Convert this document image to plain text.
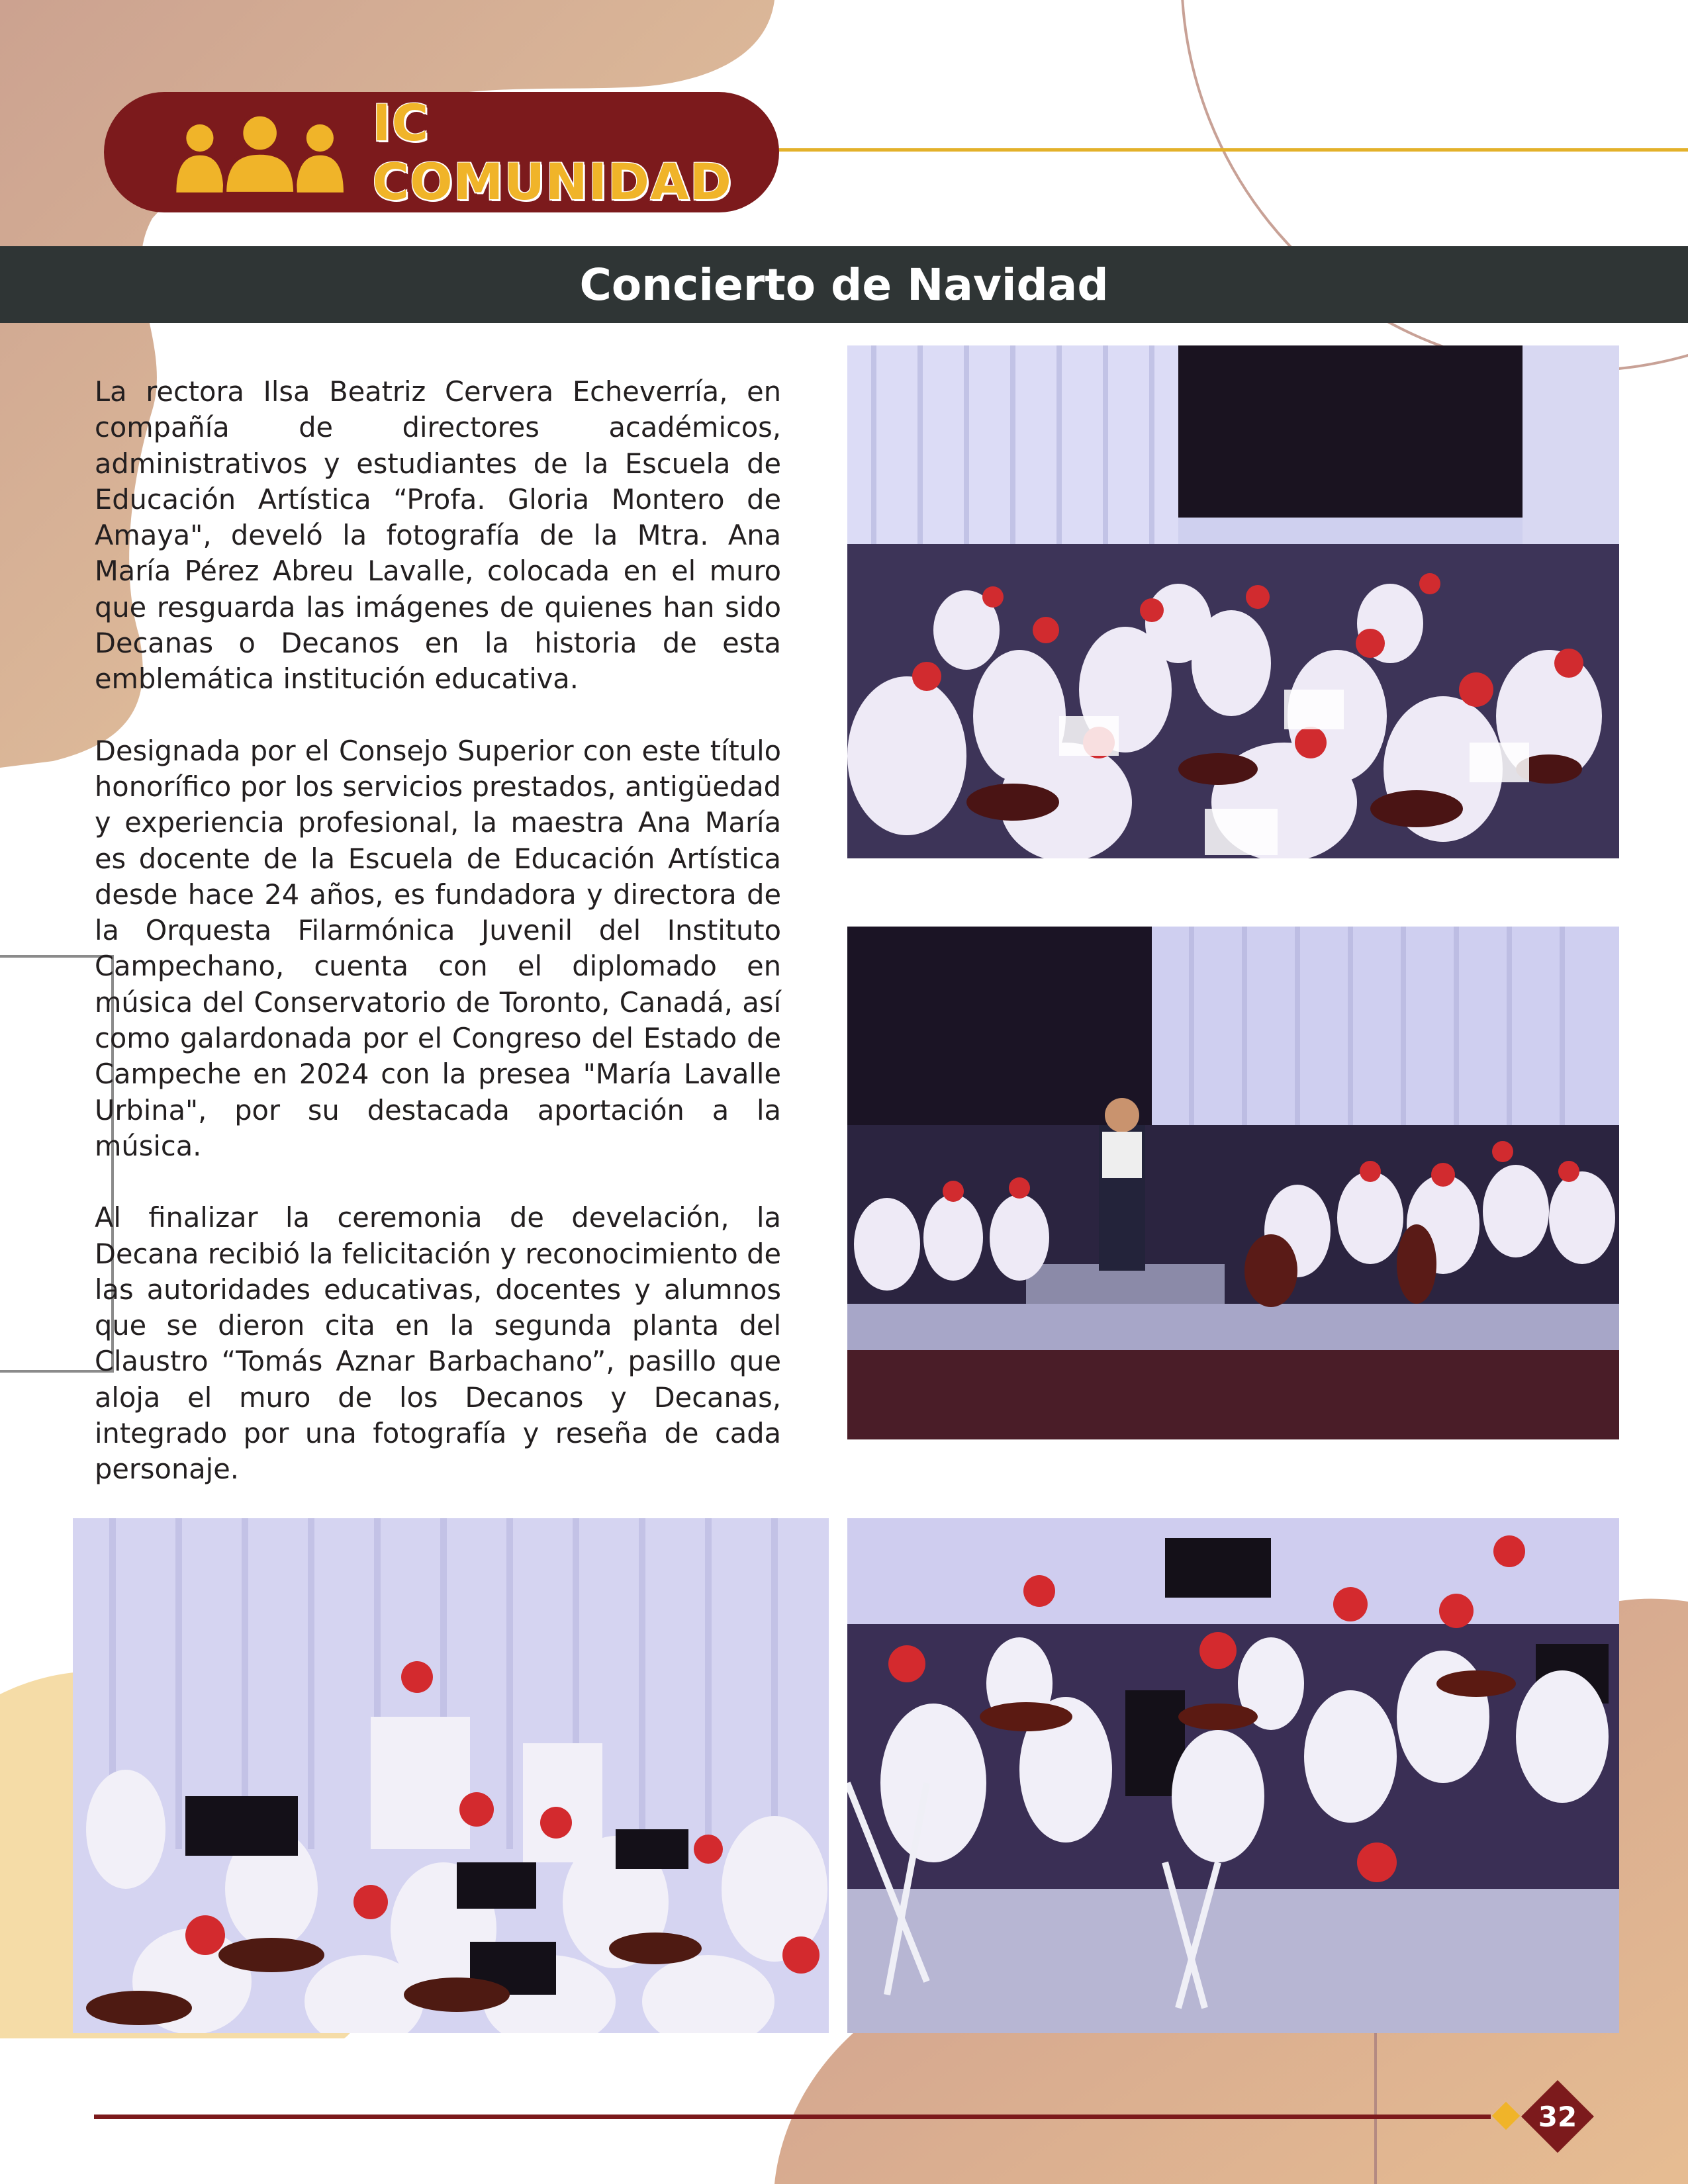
IC COMUNIDAD
Concierto de Navidad

La rectora Ilsa Beatriz Cervera Echeverría, en compañía de directores académicos, administrativos y estudiantes de la Escuela de Educación Artística “Profa. Gloria Montero de Amaya", develó la fotografía de la Mtra. Ana María Pérez Abreu Lavalle, colocada en el muro que resguarda las imágenes de quienes han sido Decanas o Decanos en la historia de esta emblemática institución educativa.

Designada por el Consejo Superior con este título honorífico por los servicios prestados, antigüedad y experiencia profesional, la maestra Ana María es docente de la Escuela de Educación Artística desde hace 24 años, es fundadora y directora de la Orquesta Filarmónica Juvenil del Instituto Campechano, cuenta con el diplomado en música del Conservatorio de Toronto, Canadá, así como galardonada por el Congreso del Estado de Campeche en 2024 con la presea "María Lavalle Urbina", por su destacada aportación a la música.

Al finalizar la ceremonia de develación, la Decana recibió la felicitación y reconocimiento de las autoridades educativas, docentes y alumnos que se dieron cita en la segunda planta del Claustro “Tomás Aznar Barbachano”, pasillo que aloja el muro de los Decanos y Decanas, integrado por una fotografía y reseña de cada personaje.

32
